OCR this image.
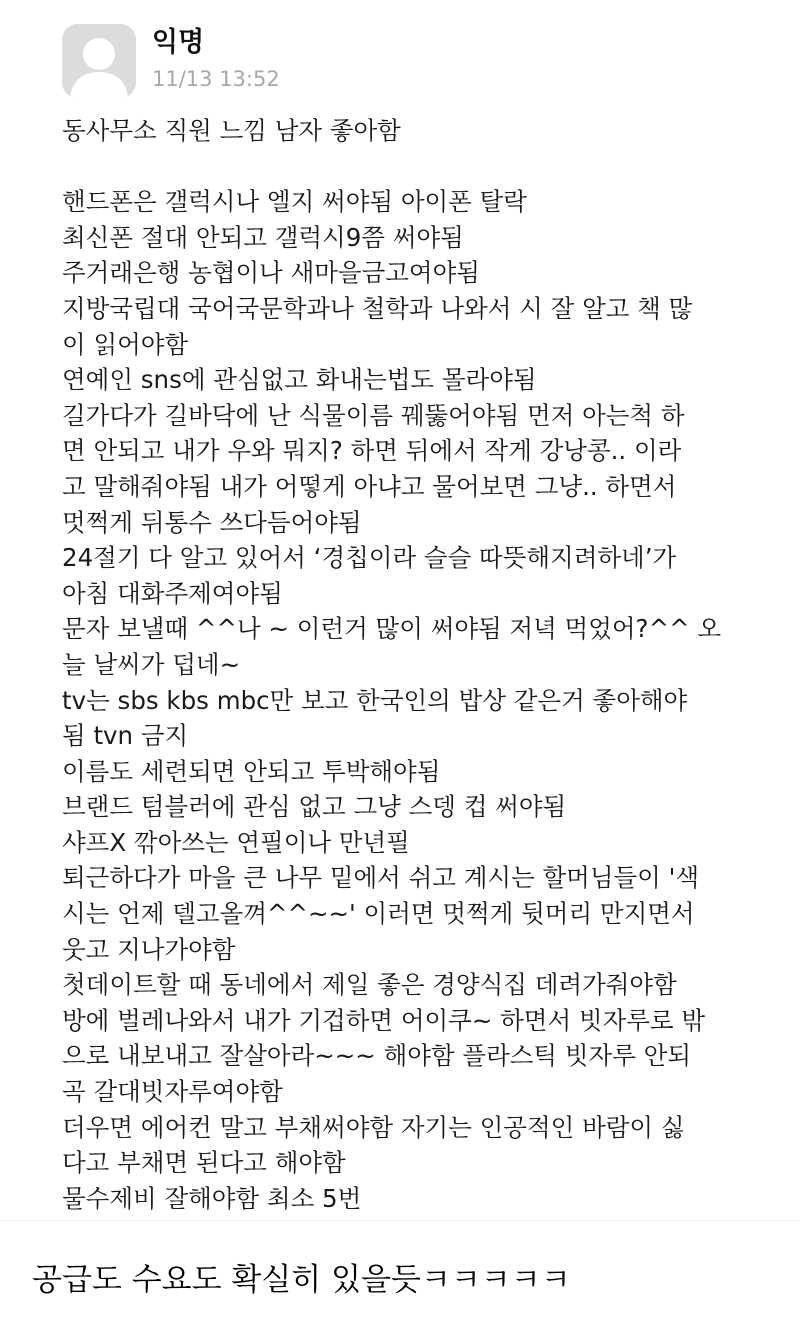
익명
11/13 13:52
동사무소 직원 느낌 남자 좋아함
핸드폰은 갤럭시나 엘지 써야됨 아이폰 탈락
최신폰 절대 안되고 갤럭시9쯤 써야됨
주거래은행 농협이나 새마을금고여야됨
지방국립대 국어국문학과나 철학과 나와서 시 잘 알고 책 많
이 읽어야함
연예인 sns에 관심없고 화내는법도 몰라야됨
길가다가 길바닥에 난 식물이름 꿰뚫어야됨 먼저 아는척 하
면 안되고 내가 우와 뭐지? 하면 뒤에서 작게 강낭콩.. 이라
고 말해줘야됨 내가 어떻게 아냐고 물어보면 그냥.. 하면서
멋쩍게 뒤통수 쓰다듬어야됨
24절기 다 알고 있어서 ‘경칩이라 슬슬 따뜻해지려하네’가
아침 대화주제여야됨
문자 보낼때 ^^나 ~ 이런거 많이 써야됨 저녁 먹었어?^^ 오
늘 날씨가 덥네~
tv는 sbs kbs mbc만 보고 한국인의 밥상 같은거 좋아해야
됨 tvn 금지
이름도 세련되면 안되고 투박해야됨
브랜드 텀블러에 관심 없고 그냥 스뎅 컵 써야됨
샤프X 깎아쓰는 연필이나 만년필
퇴근하다가 마을 큰 나무 밑에서 쉬고 계시는 할머님들이 '색
시는 언제 델고올껴^^~~' 이러면 멋쩍게 뒷머리 만지면서
웃고 지나가야함
첫데이트할 때 동네에서 제일 좋은 경양식집 데려가줘야함
방에 벌레나와서 내가 기겁하면 어이쿠~ 하면서 빗자루로 밖
으로 내보내고 잘살아라~~~ 해야함 플라스틱 빗자루 안되
곡 갈대빗자루여야함
더우면 에어컨 말고 부채써야함 자기는 인공적인 바람이 싫
다고 부채면 된다고 해야함
물수제비 잘해야함 최소 5번
공급도 수요도 확실히 있을듯ㅋㅋㅋㅋㅋ
